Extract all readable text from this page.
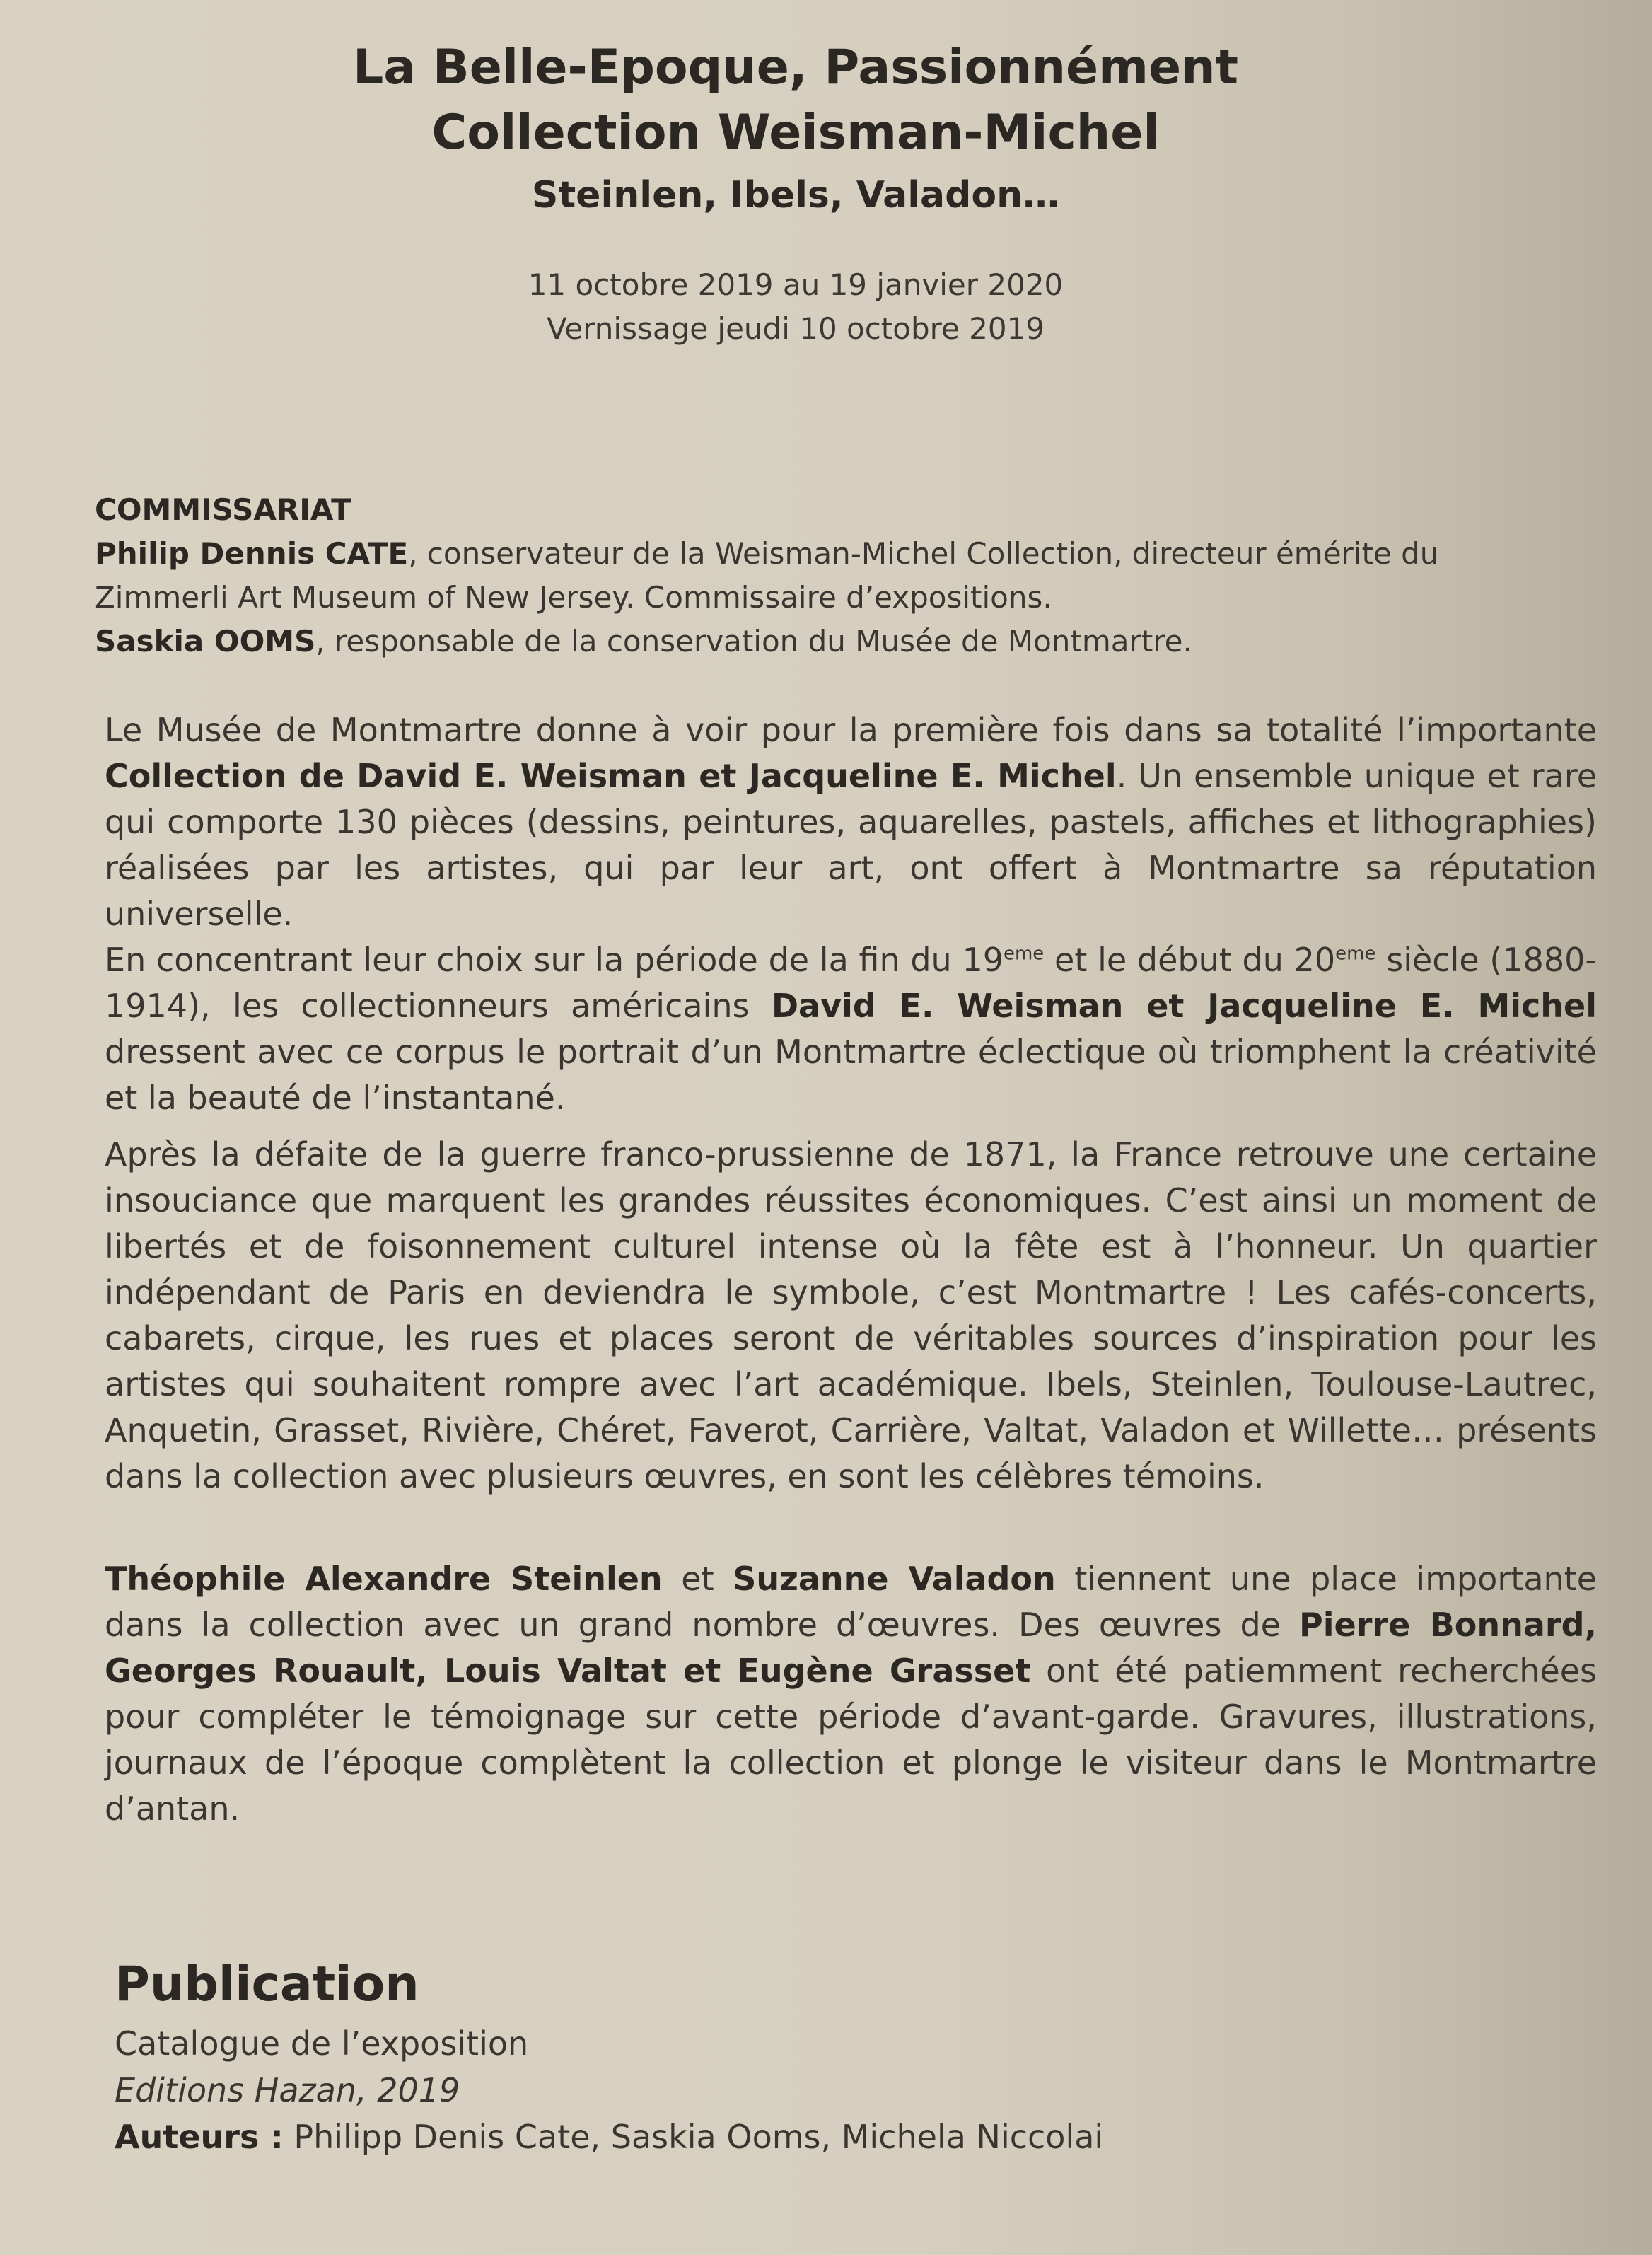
La Belle-Epoque, Passionnément
Collection Weisman-Michel
Steinlen, Ibels, Valadon…
11 octobre 2019 au 19 janvier 2020
Vernissage jeudi 10 octobre 2019
COMMISSARIAT
Philip Dennis CATE, conservateur de la Weisman-Michel Collection, directeur émérite du Zimmerli Art Museum of New Jersey. Commissaire d’expositions.
Saskia OOMS, responsable de la conservation du Musée de Montmartre.
Le Musée de Montmartre donne à voir pour la première fois dans sa totalité l’importante Collection de David E. Weisman et Jacqueline E. Michel. Un ensemble unique et rare qui comporte 130 pièces (dessins, peintures, aquarelles, pastels, affiches et lithographies) réalisées par les artistes, qui par leur art, ont offert à Montmartre sa réputation universelle.
En concentrant leur choix sur la période de la fin du 19eme et le début du 20eme siècle (1880-1914), les collectionneurs américains David E. Weisman et Jacqueline E. Michel dressent avec ce corpus le portrait d’un Montmartre éclectique où triomphent la créativité et la beauté de l’instantané.
Après la défaite de la guerre franco-prussienne de 1871, la France retrouve une certaine insouciance que marquent les grandes réussites économiques. C’est ainsi un moment de libertés et de foisonnement culturel intense où la fête est à l’honneur. Un quartier indépendant de Paris en deviendra le symbole, c’est Montmartre ! Les cafés-concerts, cabarets, cirque, les rues et places seront de véritables sources d’inspiration pour les artistes qui souhaitent rompre avec l’art académique. Ibels, Steinlen, Toulouse-Lautrec, Anquetin, Grasset, Rivière, Chéret, Faverot, Carrière, Valtat, Valadon et Willette… présents dans la collection avec plusieurs œuvres, en sont les célèbres témoins.
Théophile Alexandre Steinlen et Suzanne Valadon tiennent une place importante dans la collection avec un grand nombre d’œuvres. Des œuvres de Pierre Bonnard, Georges Rouault, Louis Valtat et Eugène Grasset ont été patiemment recherchées pour compléter le témoignage sur cette période d’avant-garde. Gravures, illustrations, journaux de l’époque complètent la collection et plonge le visiteur dans le Montmartre d’antan.
Publication
Catalogue de l’exposition
Editions Hazan, 2019
Auteurs : Philipp Denis Cate, Saskia Ooms, Michela Niccolai
